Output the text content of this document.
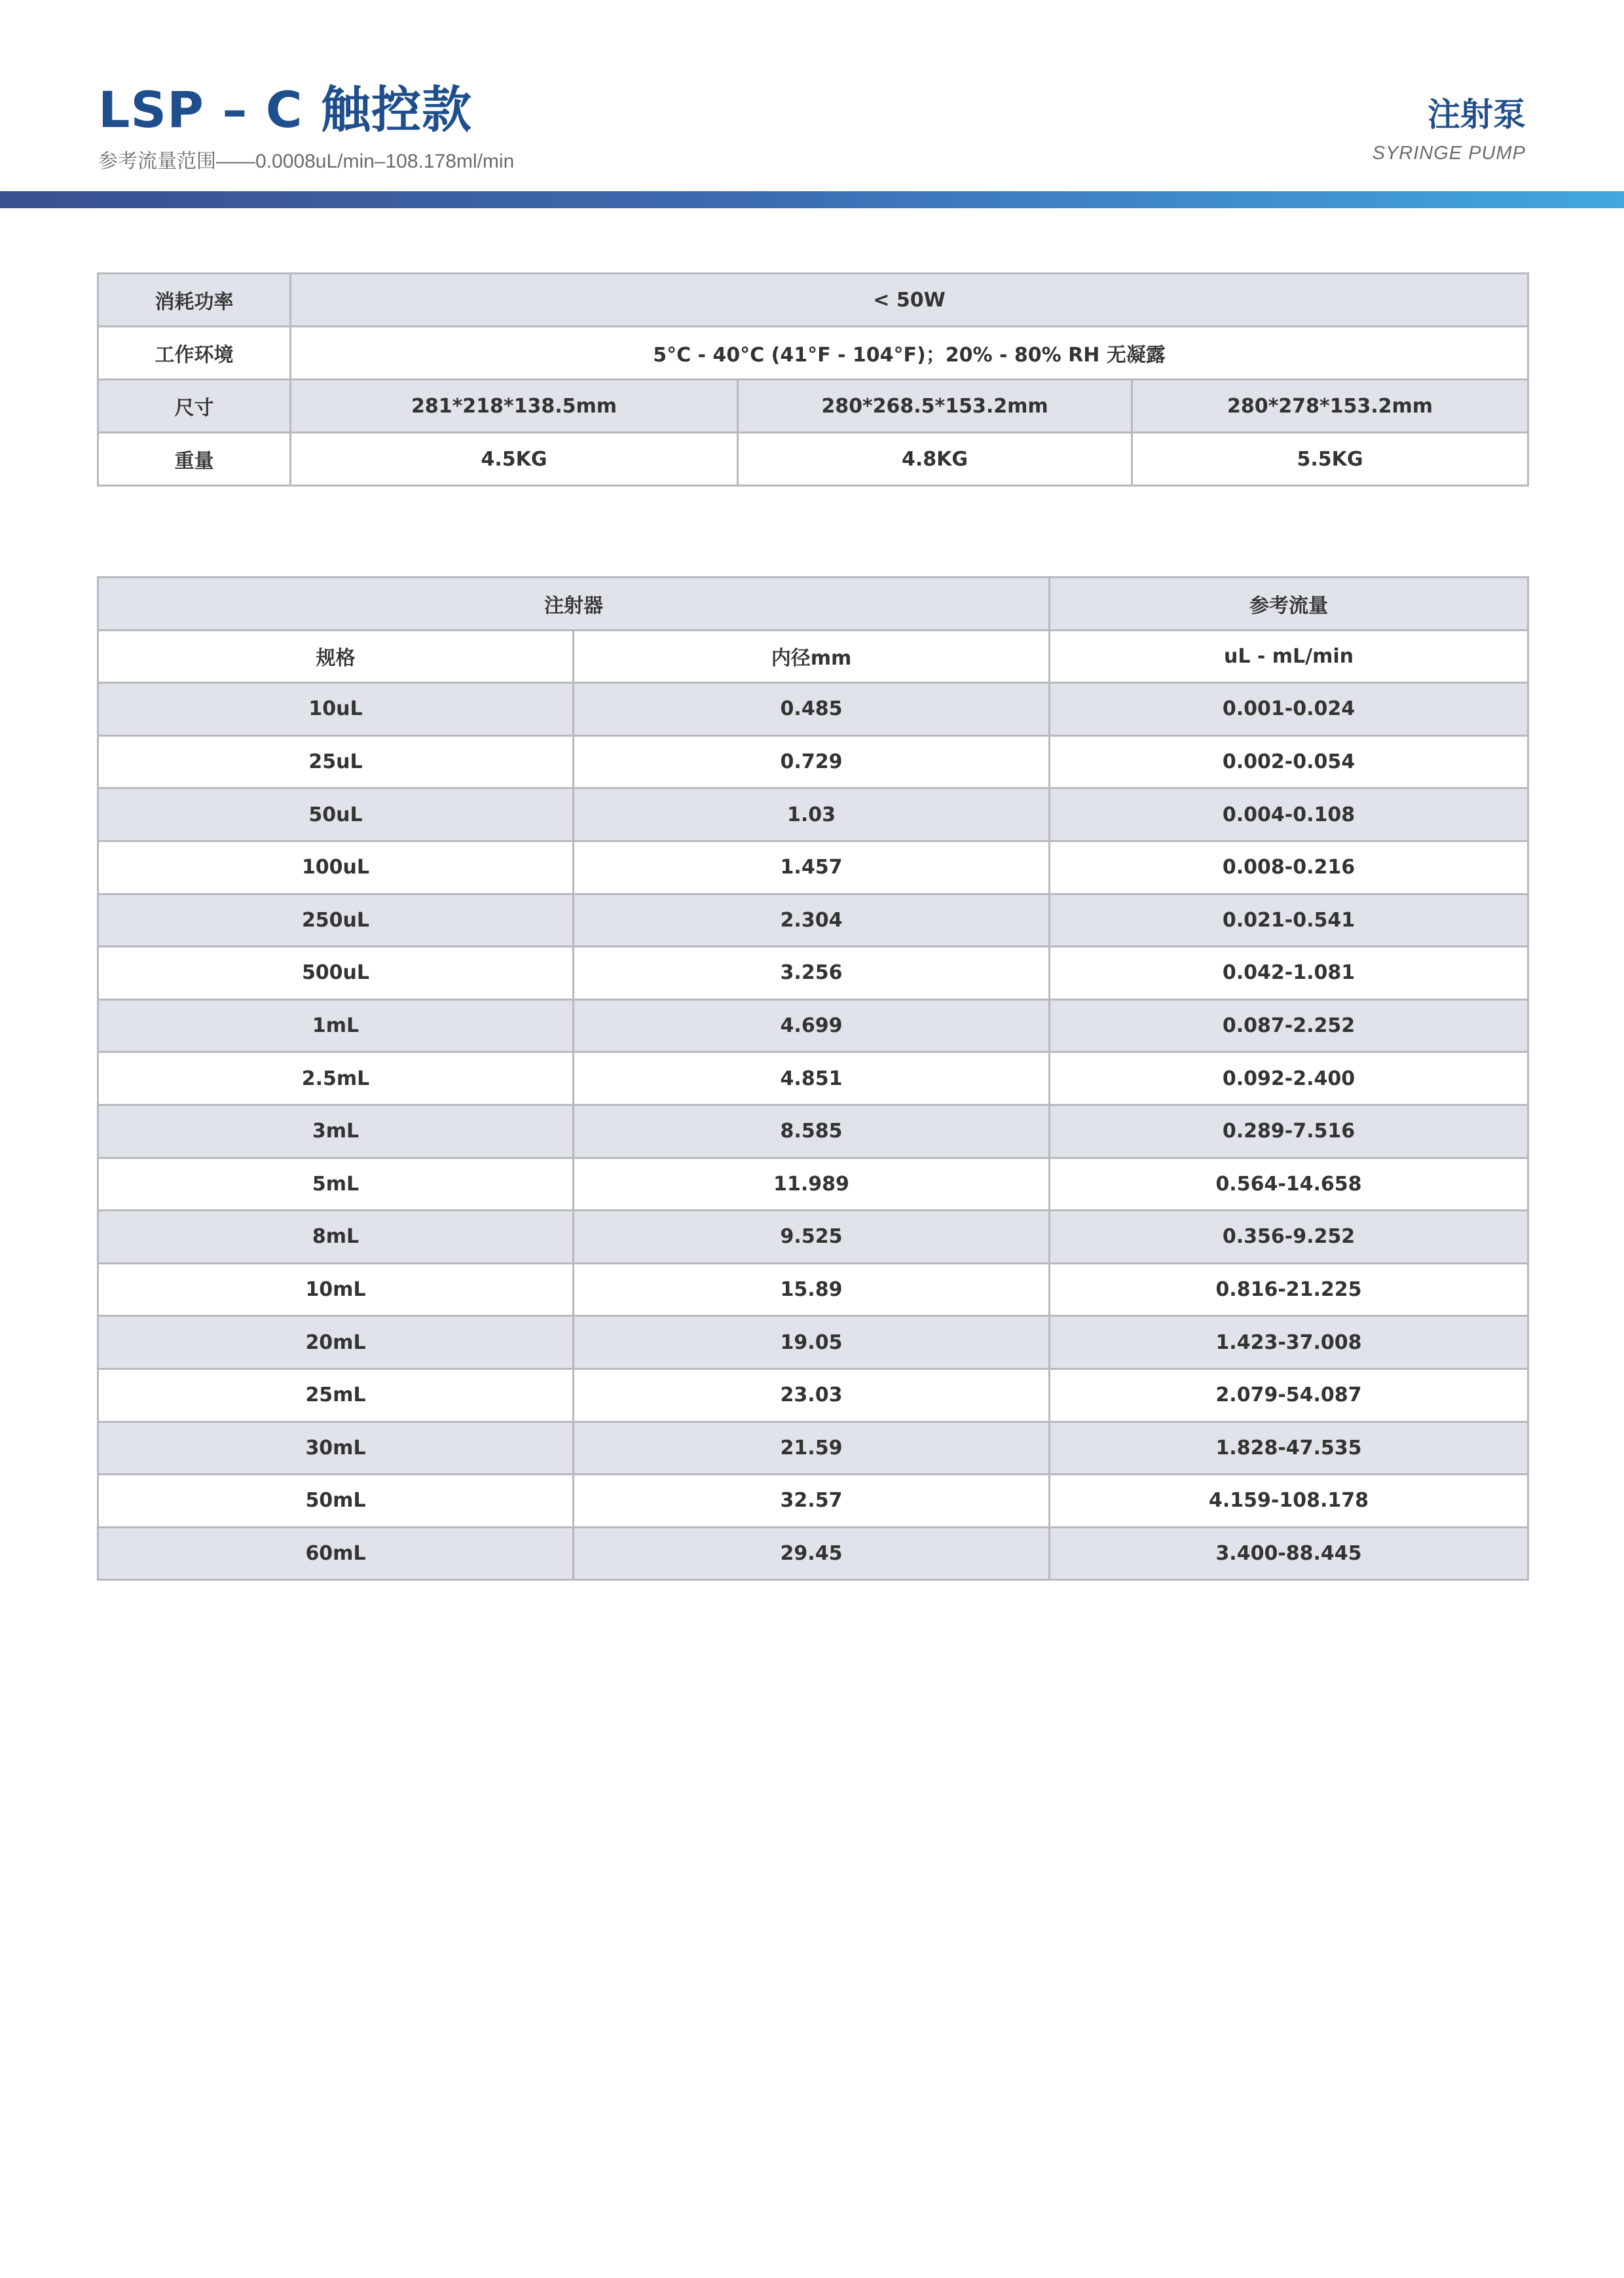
LSP – C 触控款
参考流量范围——0.0008uL/min–108.178ml/min
注射泵
SYRINGE PUMP
消耗功率	< 50W		
工作环境	5°C - 40°C (41°F - 104°F)；20% - 80% RH 无凝露		
尺寸	281*218*138.5mm	280*268.5*153.2mm	280*278*153.2mm
重量	4.5KG	4.8KG	5.5KG
注射器		参考流量
规格	内径mm	uL - mL/min
10uL	0.485	0.001-0.024
25uL	0.729	0.002-0.054
50uL	1.03	0.004-0.108
100uL	1.457	0.008-0.216
250uL	2.304	0.021-0.541
500uL	3.256	0.042-1.081
1mL	4.699	0.087-2.252
2.5mL	4.851	0.092-2.400
3mL	8.585	0.289-7.516
5mL	11.989	0.564-14.658
8mL	9.525	0.356-9.252
10mL	15.89	0.816-21.225
20mL	19.05	1.423-37.008
25mL	23.03	2.079-54.087
30mL	21.59	1.828-47.535
50mL	32.57	4.159-108.178
60mL	29.45	3.400-88.445
